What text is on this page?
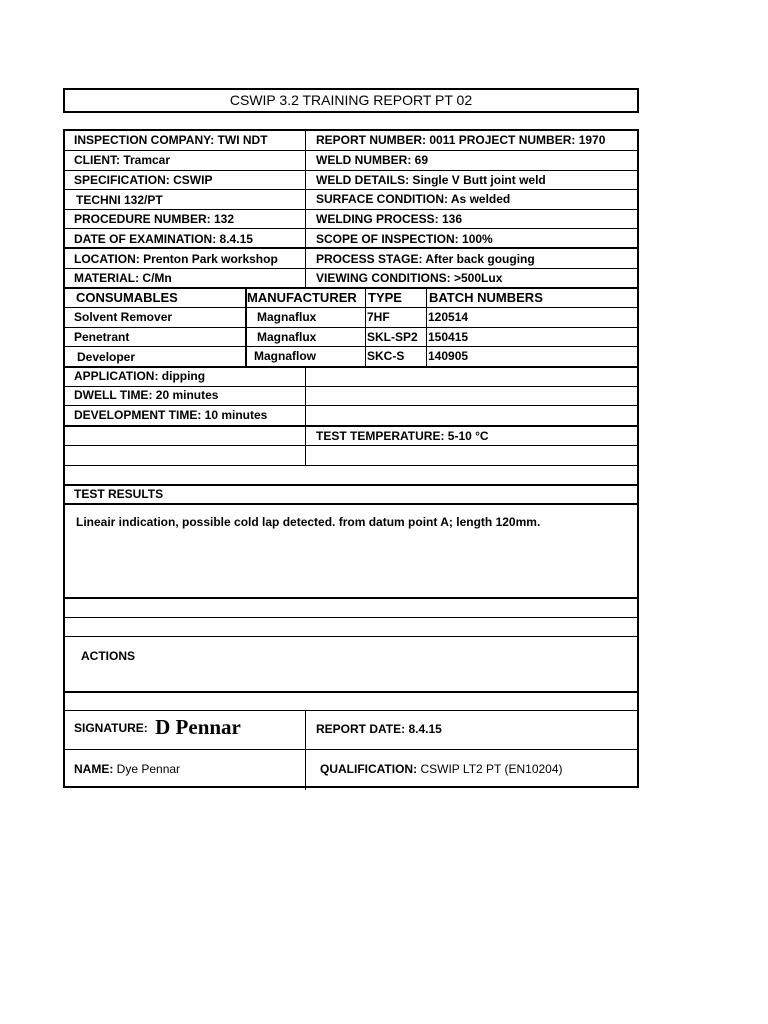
CSWIP 3.2 TRAINING REPORT PT 02
INSPECTION COMPANY: TWI NDT	REPORT NUMBER: 0011 PROJECT NUMBER: 1970
CLIENT: Tramcar	WELD NUMBER: 69
SPECIFICATION: CSWIP	WELD DETAILS: Single V Butt joint weld
TECHNI 132/PT	SURFACE CONDITION: As welded
PROCEDURE NUMBER: 132	WELDING PROCESS: 136
DATE OF EXAMINATION: 8.4.15	SCOPE OF INSPECTION: 100%
LOCATION: Prenton Park workshop	PROCESS STAGE: After back gouging
MATERIAL: C/Mn	VIEWING CONDITIONS: >500Lux
CONSUMABLES	MANUFACTURER TYPE BATCH NUMBERS
Solvent Remover	Magnaflux	7HF	120514
Penetrant	Magnaflux	SKL-SP2 150415
Developer	Magnaflow	SKC-S 140905
APPLICATION: dipping
DWELL TIME: 20 minutes
DEVELOPMENT TIME: 10 minutes
TEST TEMPERATURE: 5-10 °C
TEST RESULTS
Lineair indication, possible cold lap detected. from datum point A; length 120mm.
ACTIONS
SIGNATURE: D Pennar	REPORT DATE: 8.4.15
NAME: Dye Pennar	QUALIFICATION: CSWIP LT2 PT (EN10204)
